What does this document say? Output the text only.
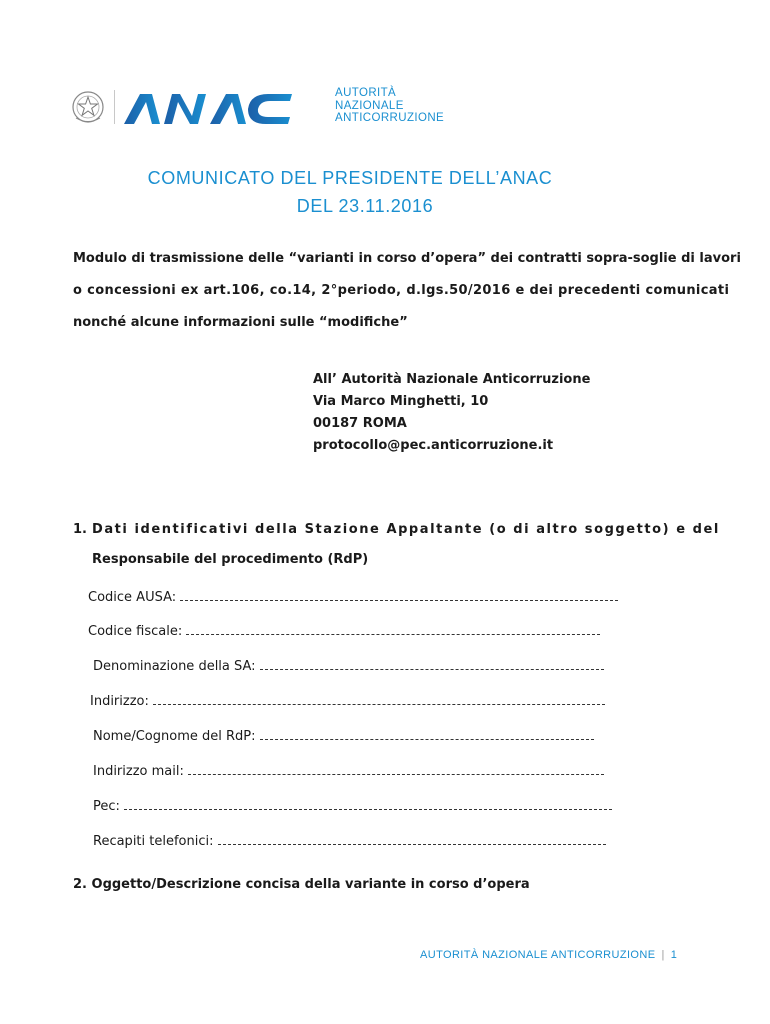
AUTORITÀ
NAZIONALE
ANTICORRUZIONE
COMUNICATO DEL PRESIDENTE DELL’ANAC
DEL 23.11.2016
Modulo di trasmissione delle “varianti in corso d’opera” dei contratti sopra-soglie di lavori
o concessioni ex art.106, co.14, 2°periodo, d.lgs.50/2016 e dei precedenti comunicati
nonché alcune informazioni sulle “modifiche”
All’ Autorità Nazionale Anticorruzione
Via Marco Minghetti, 10
00187 ROMA
protocollo@pec.anticorruzione.it
1. Dati identificativi della Stazione Appaltante (o di altro soggetto) e del
Responsabile del procedimento (RdP)
Codice AUSA:
Codice fiscale:
Denominazione della SA:
Indirizzo:
Nome/Cognome del RdP:
Indirizzo mail:
Pec:
Recapiti telefonici:
2. Oggetto/Descrizione concisa della variante in corso d’opera
AUTORITÀ NAZIONALE ANTICORRUZIONE | 1
